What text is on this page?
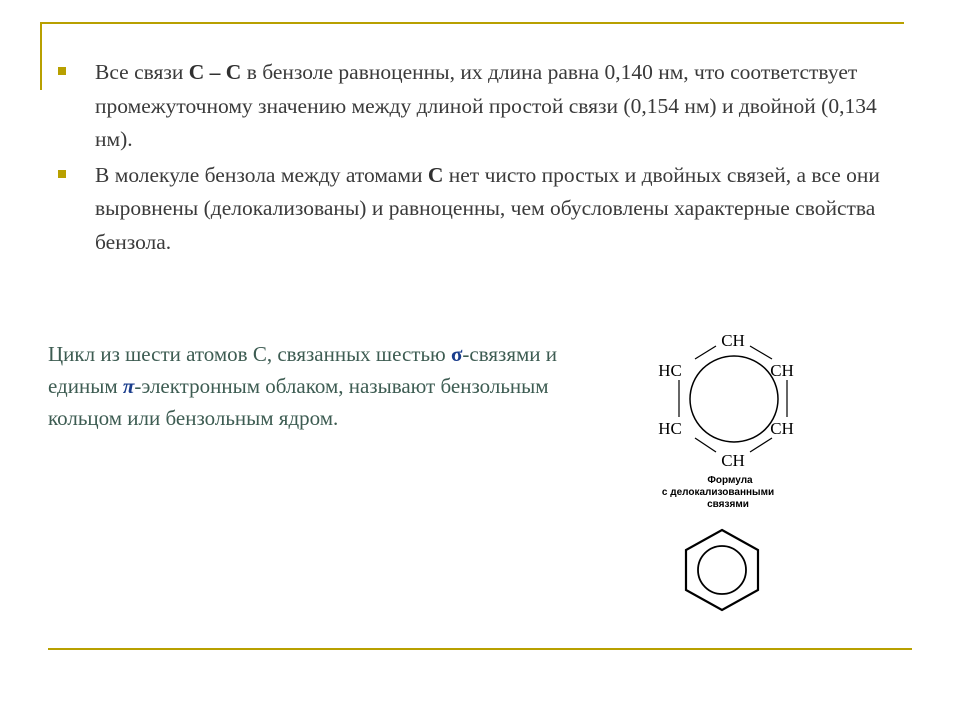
Все связи С – С в бензоле равноценны, их длина равна 0,140 нм, что соответствует промежуточному значению между длиной простой связи (0,154 нм) и двойной (0,134 нм).
В молекуле бензола между атомами С нет чисто простых и двойных связей, а все они выровнены (делокализованы) и равноценны, чем обусловлены характерные свойства бензола.
Цикл из шести атомов С, связанных шестью σ-связями и единым π-электронным облаком, называют бензольным кольцом или бензольным ядром.
CH
HC	CH
HC	CH
CH
Формула
с делокализованными
связями
